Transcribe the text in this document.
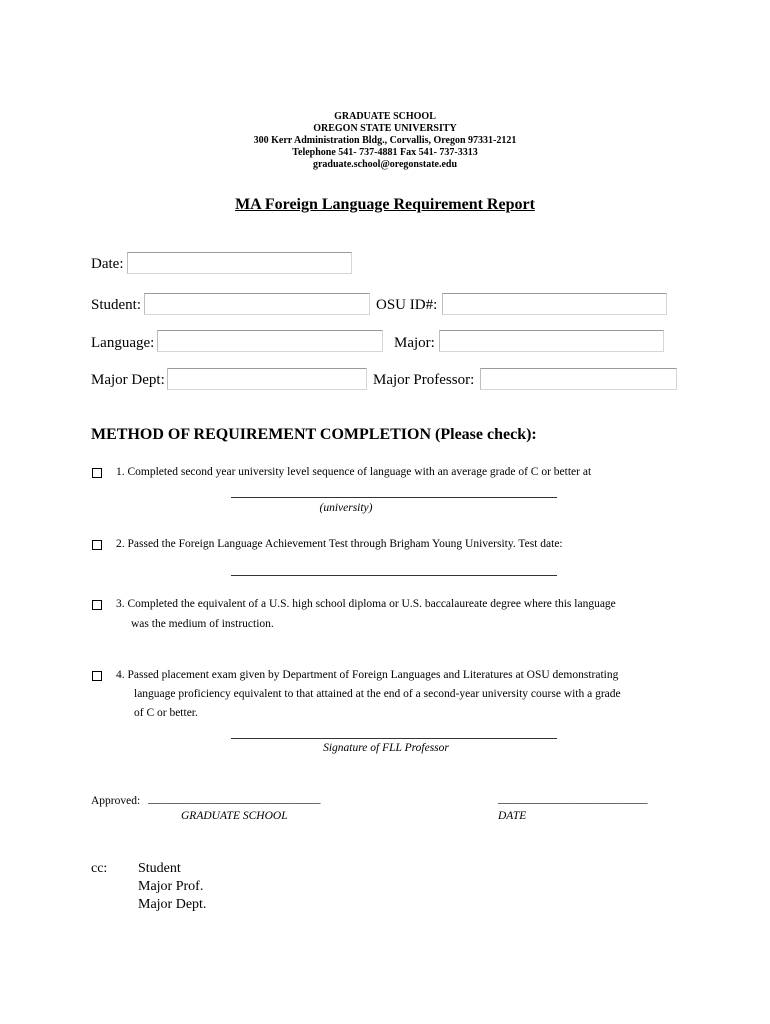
GRADUATE SCHOOL
OREGON STATE UNIVERSITY
300 Kerr Administration Bldg., Corvallis, Oregon 97331-2121
Telephone 541- 737-4881 Fax 541- 737-3313
graduate.school@oregonstate.edu
MA Foreign Language Requirement Report
Date:
Student:	OSU ID#:
Language:	Major:
Major Dept:	Major Professor:
METHOD OF REQUIREMENT COMPLETION (Please check):
1. Completed second year university level sequence of language with an average grade of C or better at
(university)
2. Passed the Foreign Language Achievement Test through Brigham Young University. Test date:
3. Completed the equivalent of a U.S. high school diploma or U.S. baccalaureate degree where this language
was the medium of instruction.
4. Passed placement exam given by Department of Foreign Languages and Literatures at OSU demonstrating
language proficiency equivalent to that attained at the end of a second-year university course with a grade
of C or better.
Signature of FLL Professor
Approved: ______________________________
GRADUATE SCHOOL
__________________________
DATE
cc: Student
Major Prof.
Major Dept.
